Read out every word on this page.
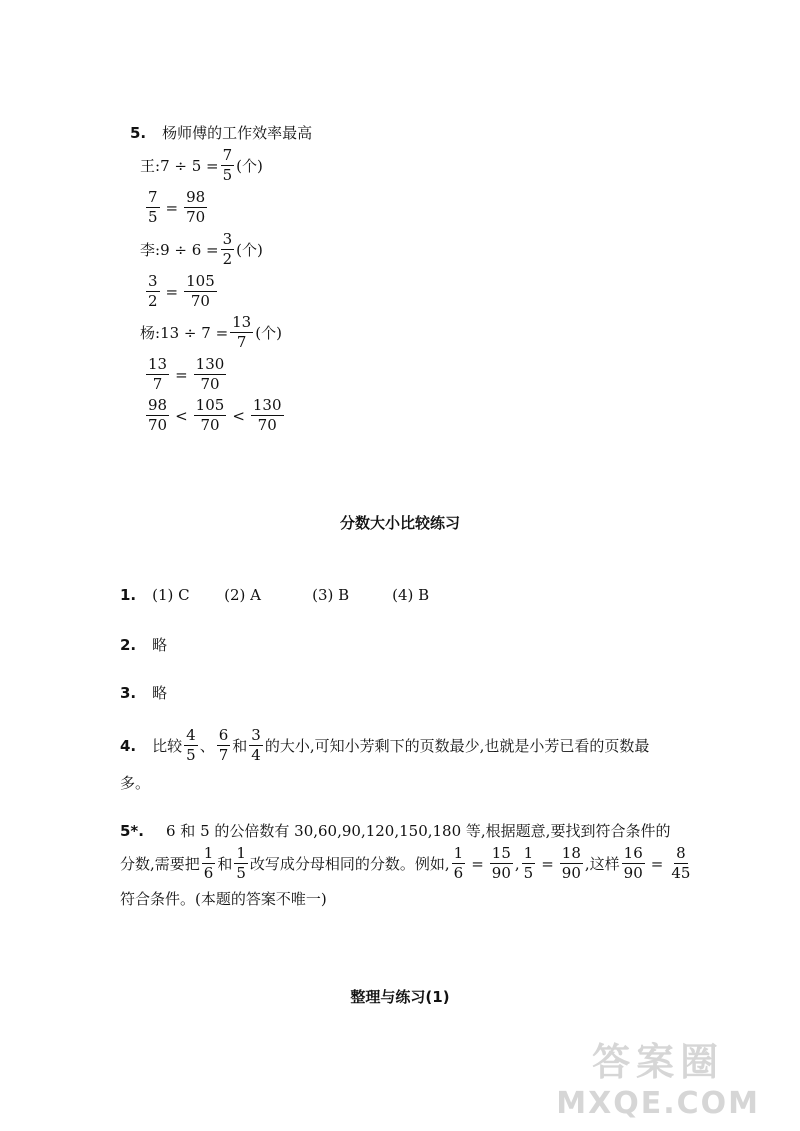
5. 杨师傅的工作效率最高
王 :7 ÷ $5 = \frac{7}{5}$ (个)
$\frac{7}{5} = \frac{98}{70}$
李 :9 ÷ $6 = \frac{3}{2}$ (个)
$\frac{3}{2} = \frac{105}{70}$
杨 :13 ÷ $7 = \frac{13}{7}$ (个)
$\frac{13}{7} = \frac{130}{70}$
$\frac{98}{70} < \frac{105}{70} < \frac{130}{70}$
分数大小比较练习
1. (1) C	(2) A	(3) B	(4) B
2. 略
3. 略
4. 比较 $\frac{4}{5}$ 、 $\frac{6}{7}$ 和 $\frac{3}{4}$ 的大小,可知小芳剩下的页数最少,也就是小芳已看的页数最
多。
5*. 6 和 5 的公倍数有 30,60,90,120,150,180 等,根据题意,要找到符合条件的
分数,需要把 $\frac{1}{6}$ 和 $\frac{1}{5}$ 改写成分母相同的分数。例如, $\frac{1}{6} = \frac{15}{90}$ , $\frac{1}{5} = \frac{18}{90}$ ,这样 $\frac{16}{90} = \frac{8}{45}$
符合条件。(本题的答案不唯一)
整理与练习(1)
答案圈
MXQE.COM
